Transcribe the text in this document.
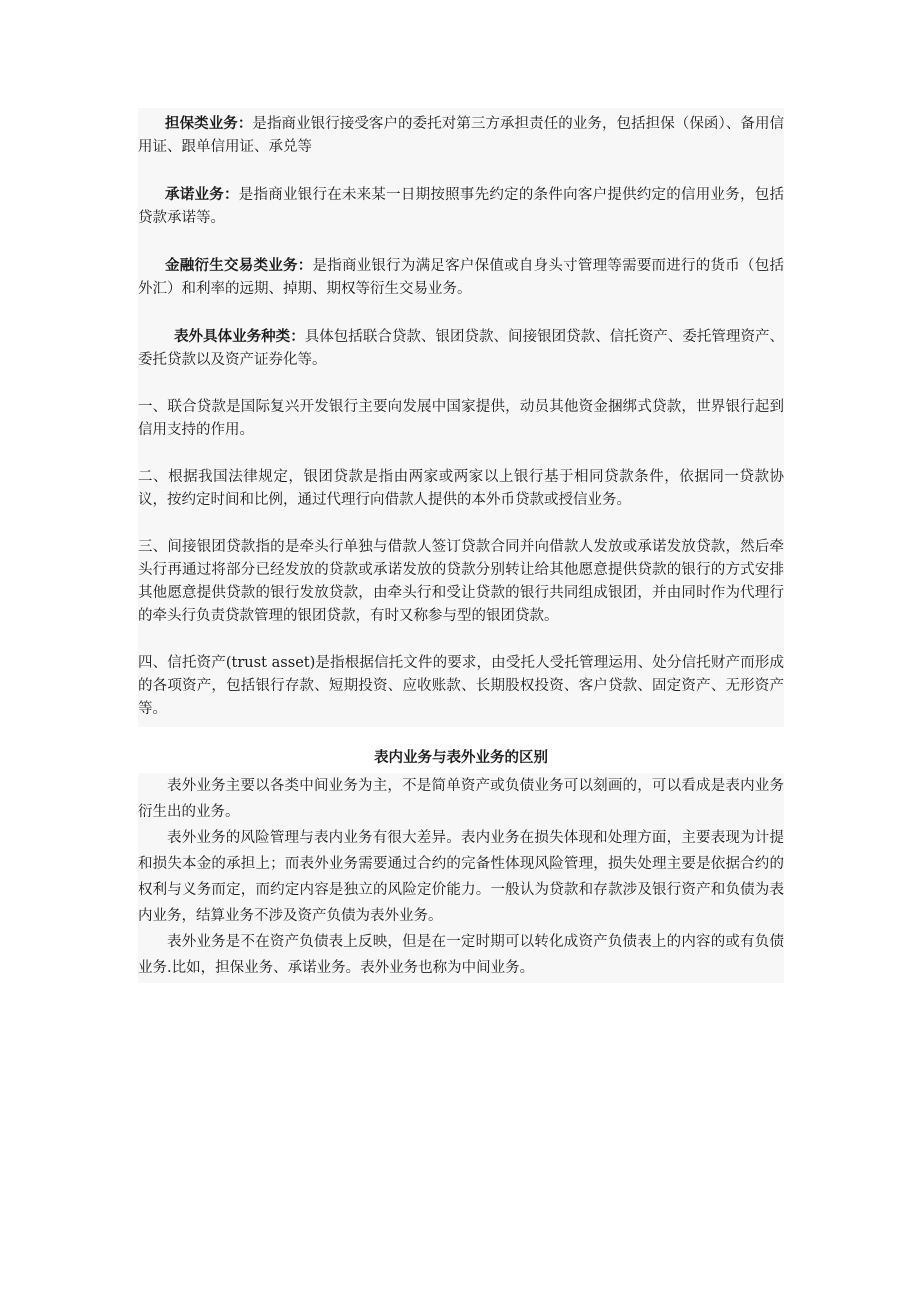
担保类业务：是指商业银行接受客户的委托对第三方承担责任的业务，包括担保（保函）、备用信用证、跟单信用证、承兑等

承诺业务：是指商业银行在未来某一日期按照事先约定的条件向客户提供约定的信用业务，包括贷款承诺等。

金融衍生交易类业务：是指商业银行为满足客户保值或自身头寸管理等需要而进行的货币（包括外汇）和利率的远期、掉期、期权等衍生交易业务。

表外具体业务种类：具体包括联合贷款、银团贷款、间接银团贷款、信托资产、委托管理资产、委托贷款以及资产证券化等。

一、联合贷款是国际复兴开发银行主要向发展中国家提供，动员其他资金捆绑式贷款，世界银行起到信用支持的作用。

二、根据我国法律规定，银团贷款是指由两家或两家以上银行基于相同贷款条件，依据同一贷款协议，按约定时间和比例，通过代理行向借款人提供的本外币贷款或授信业务。

三、间接银团贷款指的是牵头行单独与借款人签订贷款合同并向借款人发放或承诺发放贷款，然后牵头行再通过将部分已经发放的贷款或承诺发放的贷款分别转让给其他愿意提供贷款的银行的方式安排其他愿意提供贷款的银行发放贷款，由牵头行和受让贷款的银行共同组成银团，并由同时作为代理行的牵头行负责贷款管理的银团贷款，有时又称参与型的银团贷款。

四、信托资产(trust asset)是指根据信托文件的要求，由受托人受托管理运用、处分信托财产而形成的各项资产，包括银行存款、短期投资、应收账款、长期股权投资、客户贷款、固定资产、无形资产等。

表内业务与表外业务的区别

表外业务主要以各类中间业务为主，不是简单资产或负债业务可以刻画的，可以看成是表内业务衍生出的业务。

表外业务的风险管理与表内业务有很大差异。表内业务在损失体现和处理方面，主要表现为计提和损失本金的承担上；而表外业务需要通过合约的完备性体现风险管理，损失处理主要是依据合约的权利与义务而定，而约定内容是独立的风险定价能力。一般认为贷款和存款涉及银行资产和负债为表内业务，结算业务不涉及资产负债为表外业务。

表外业务是不在资产负债表上反映，但是在一定时期可以转化成资产负债表上的内容的或有负债业务.比如，担保业务、承诺业务。表外业务也称为中间业务。
